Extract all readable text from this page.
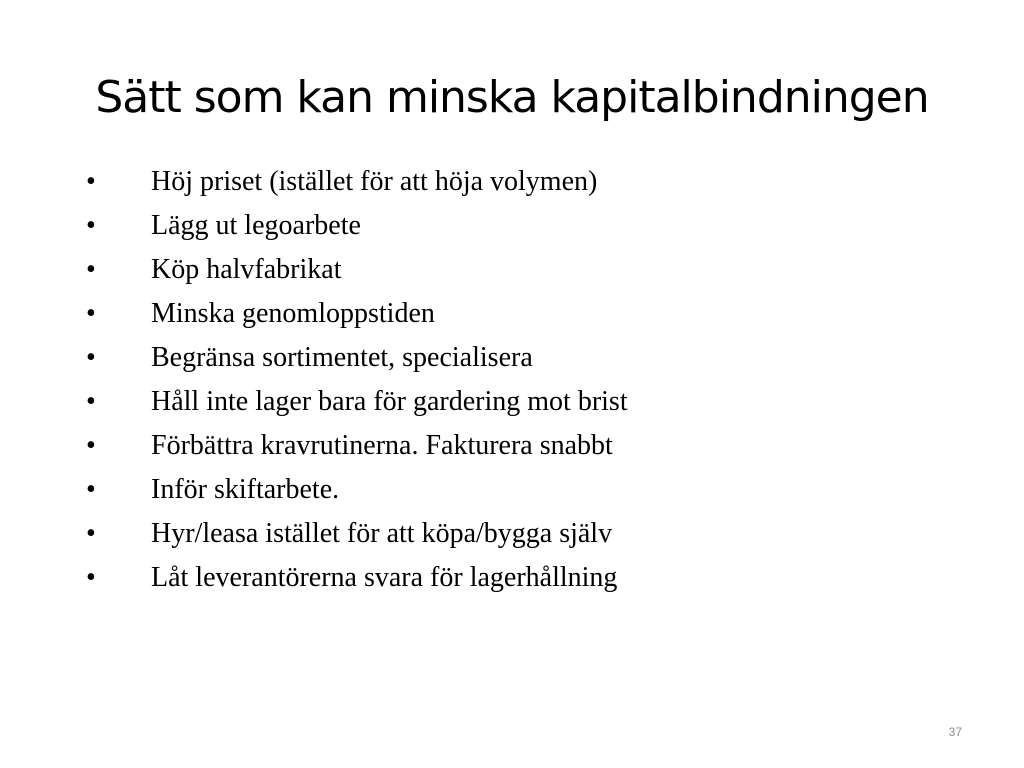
Sätt som kan minska kapitalbindningen
•	Höj priset (istället för att höja volymen)
•	Lägg ut legoarbete
•	Köp halvfabrikat
•	Minska genomloppstiden
•	Begränsa sortimentet, specialisera
•	Håll inte lager bara för gardering mot brist
•	Förbättra kravrutinerna. Fakturera snabbt
•	Inför skiftarbete.
•	Hyr/leasa istället för att köpa/bygga själv
•	Låt leverantörerna svara för lagerhållning
37
